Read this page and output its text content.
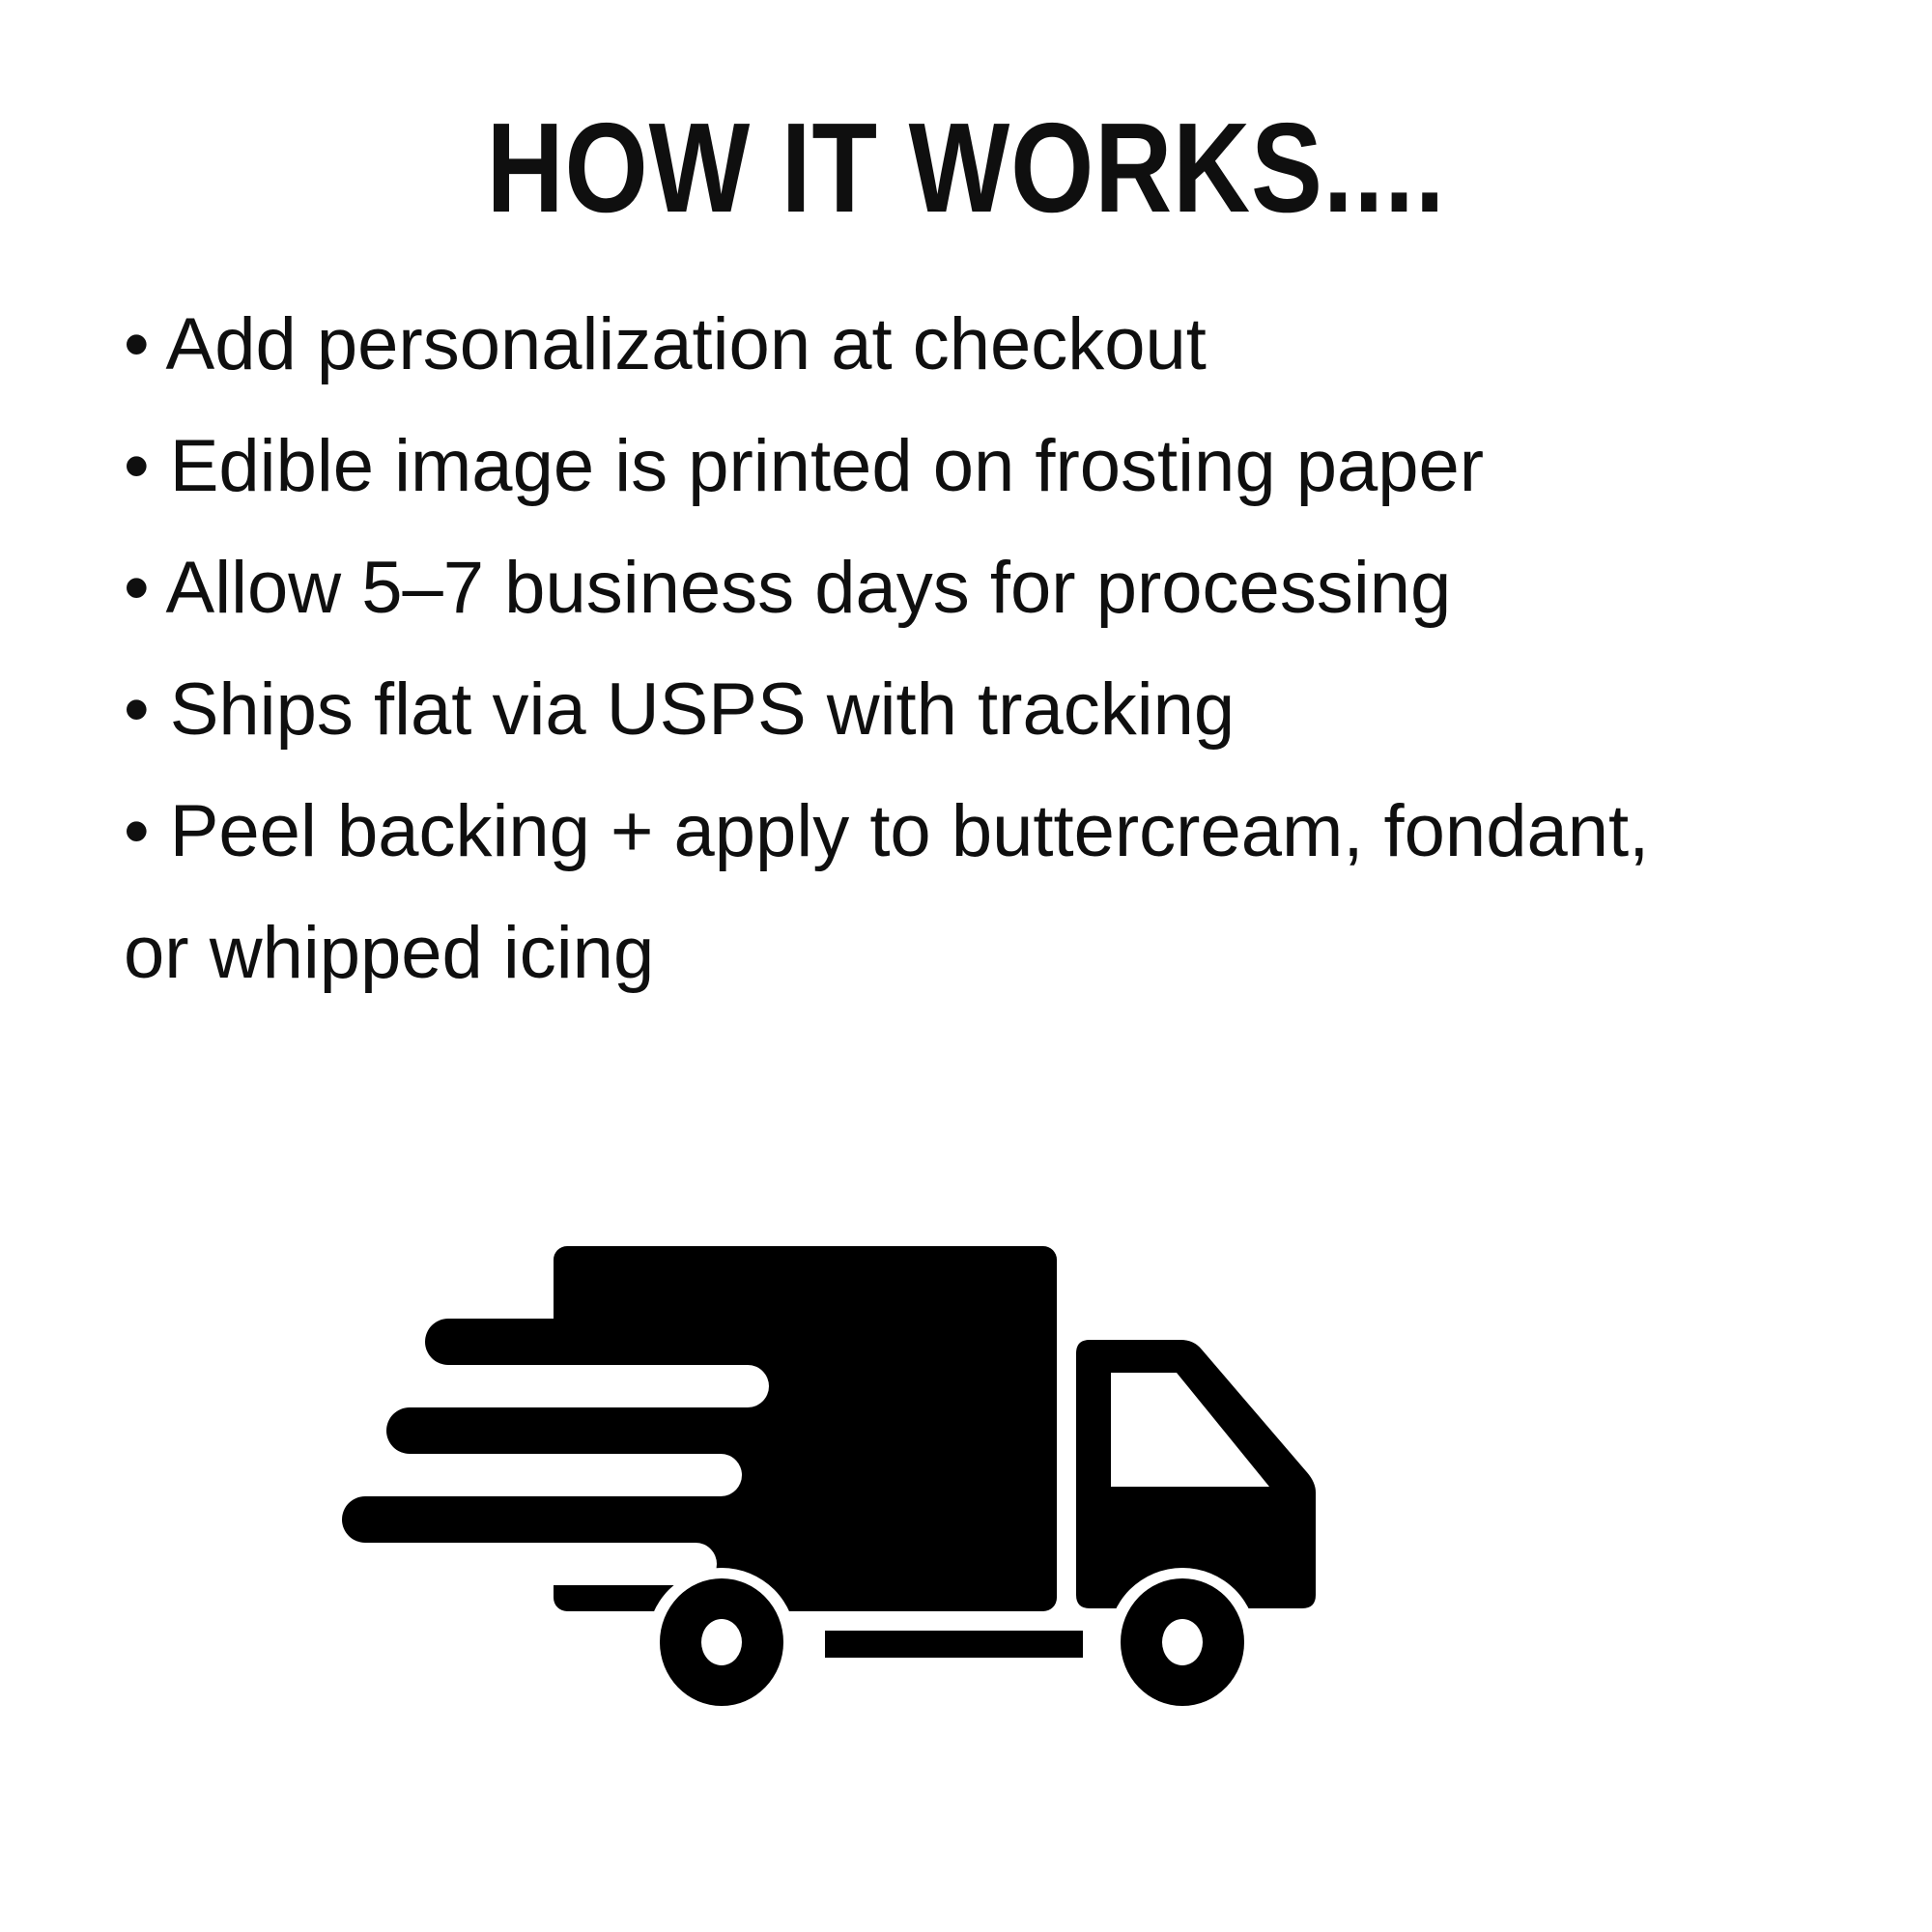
HOW IT WORKS....
• Add personalization at checkout
• Edible image is printed on frosting paper
• Allow 5–7 business days for processing
• Ships flat via USPS with tracking
• Peel backing + apply to buttercream, fondant, or whipped icing
